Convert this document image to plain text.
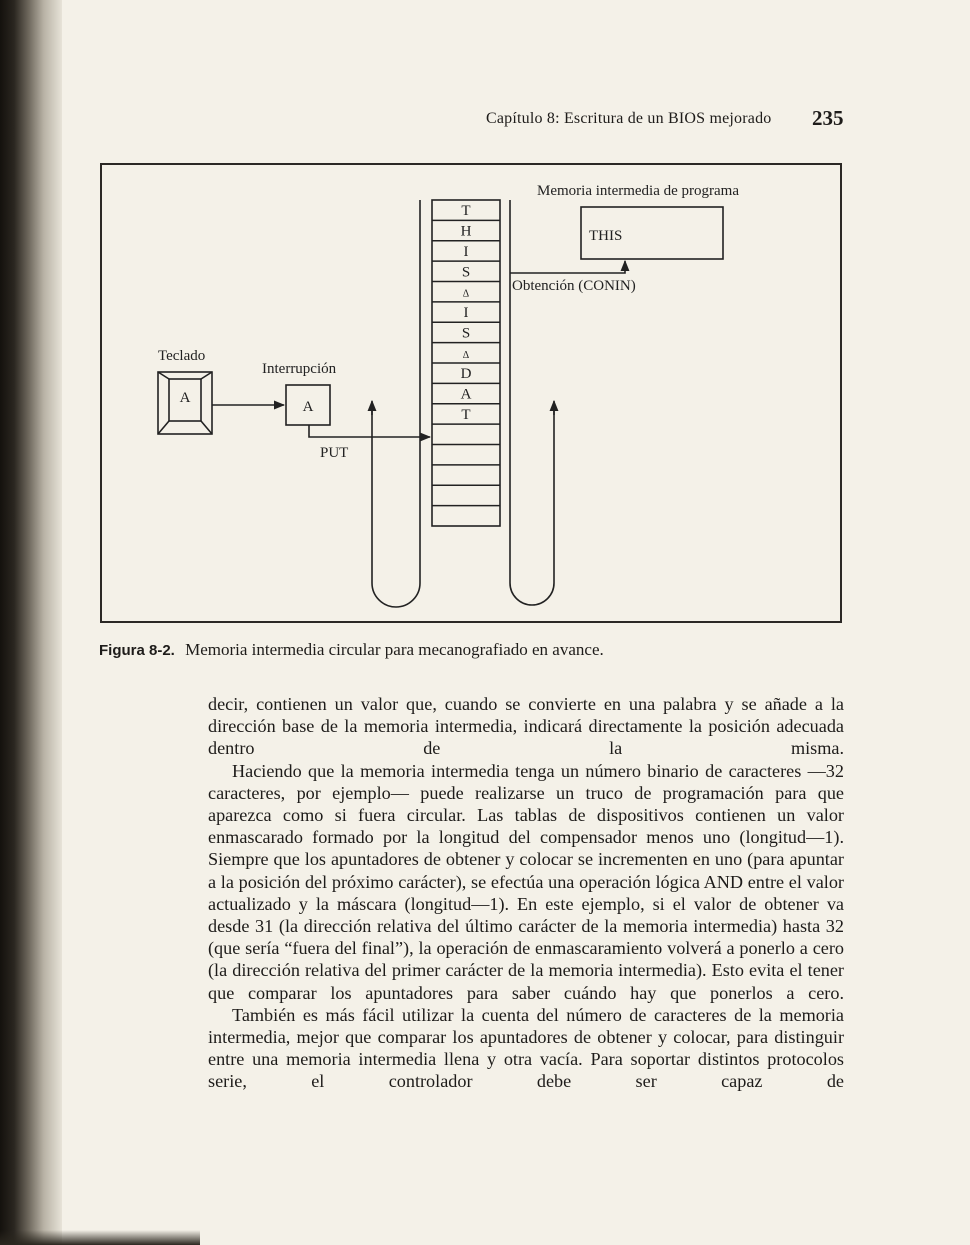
Capítulo 8: Escritura de un BIOS mejorado 235
T
H
I
S
Δ
I
S
Δ
D
A
T
Teclado
A
Interrupción
A
PUT
Memoria intermedia de programa
THIS
Obtención (CONIN)
Figura 8-2. Memoria intermedia circular para mecanografiado en avance.

decir, contienen un valor que, cuando se convierte en una palabra y se añade a la dirección base de la memoria intermedia, indicará directamente la posición adecuada dentro de la misma.

Haciendo que la memoria intermedia tenga un número binario de caracteres —32 caracteres, por ejemplo— puede realizarse un truco de programación para que aparezca como si fuera circular. Las tablas de dispositivos contienen un valor enmascarado formado por la longitud del compensador menos uno (longitud—1). Siempre que los apuntadores de obtener y colocar se incrementen en uno (para apuntar a la posición del próximo carácter), se efectúa una operación lógica AND entre el valor actualizado y la máscara (longitud—1). En este ejemplo, si el valor de obtener va desde 31 (la dirección relativa del último carácter de la memoria intermedia) hasta 32 (que sería “fuera del final”), la operación de enmascaramiento volverá a ponerlo a cero (la dirección relativa del primer carácter de la memoria intermedia). Esto evita el tener que comparar los apuntadores para saber cuándo hay que ponerlos a cero.

También es más fácil utilizar la cuenta del número de caracteres de la memoria intermedia, mejor que comparar los apuntadores de obtener y colocar, para distinguir entre una memoria intermedia llena y otra vacía. Para soportar distintos protocolos serie, el controlador debe ser capaz de
